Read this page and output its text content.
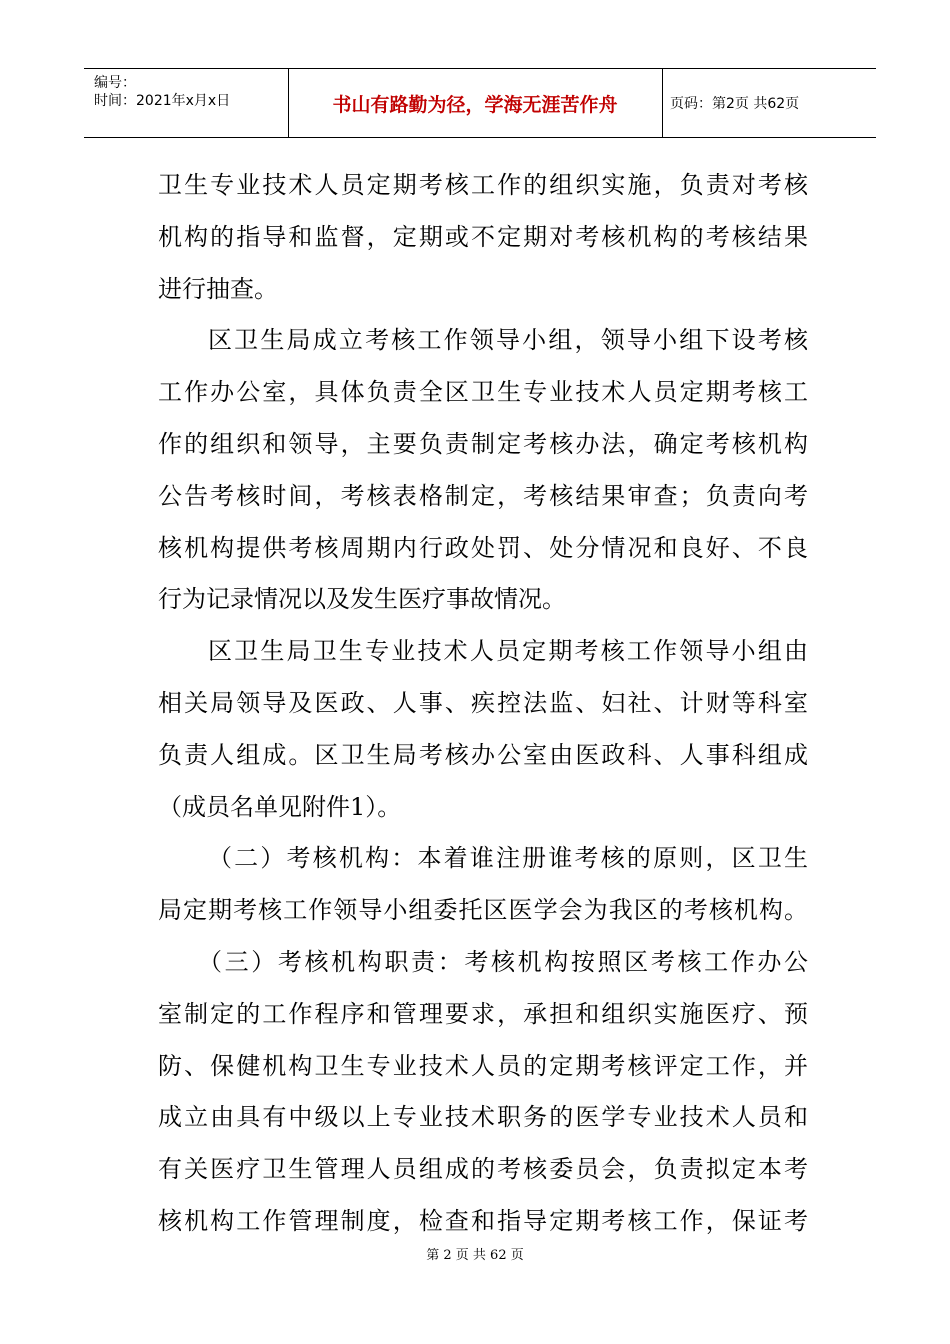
编号：
时间：2021年x月x日	书山有路勤为径，学海无涯苦作舟	页码：第2页 共62页
卫生专业技术人员定期考核工作的组织实施，负责对考核
机构的指导和监督，定期或不定期对考核机构的考核结果
进行抽查。
区卫生局成立考核工作领导小组，领导小组下设考核
工作办公室，具体负责全区卫生专业技术人员定期考核工
作的组织和领导，主要负责制定考核办法，确定考核机构
公告考核时间，考核表格制定，考核结果审查；负责向考
核机构提供考核周期内行政处罚、处分情况和良好、不良
行为记录情况以及发生医疗事故情况。
区卫生局卫生专业技术人员定期考核工作领导小组由
相关局领导及医政、人事、疾控法监、妇社、计财等科室
负责人组成。区卫生局考核办公室由医政科、人事科组成
（成员名单见附件1）。
（二）考核机构：本着谁注册谁考核的原则，区卫生
局定期考核工作领导小组委托区医学会为我区的考核机构。
（三）考核机构职责：考核机构按照区考核工作办公
室制定的工作程序和管理要求，承担和组织实施医疗、预
防、保健机构卫生专业技术人员的定期考核评定工作，并
成立由具有中级以上专业技术职务的医学专业技术人员和
有关医疗卫生管理人员组成的考核委员会，负责拟定本考
核机构工作管理制度，检查和指导定期考核工作，保证考
第 2 页 共 62 页
